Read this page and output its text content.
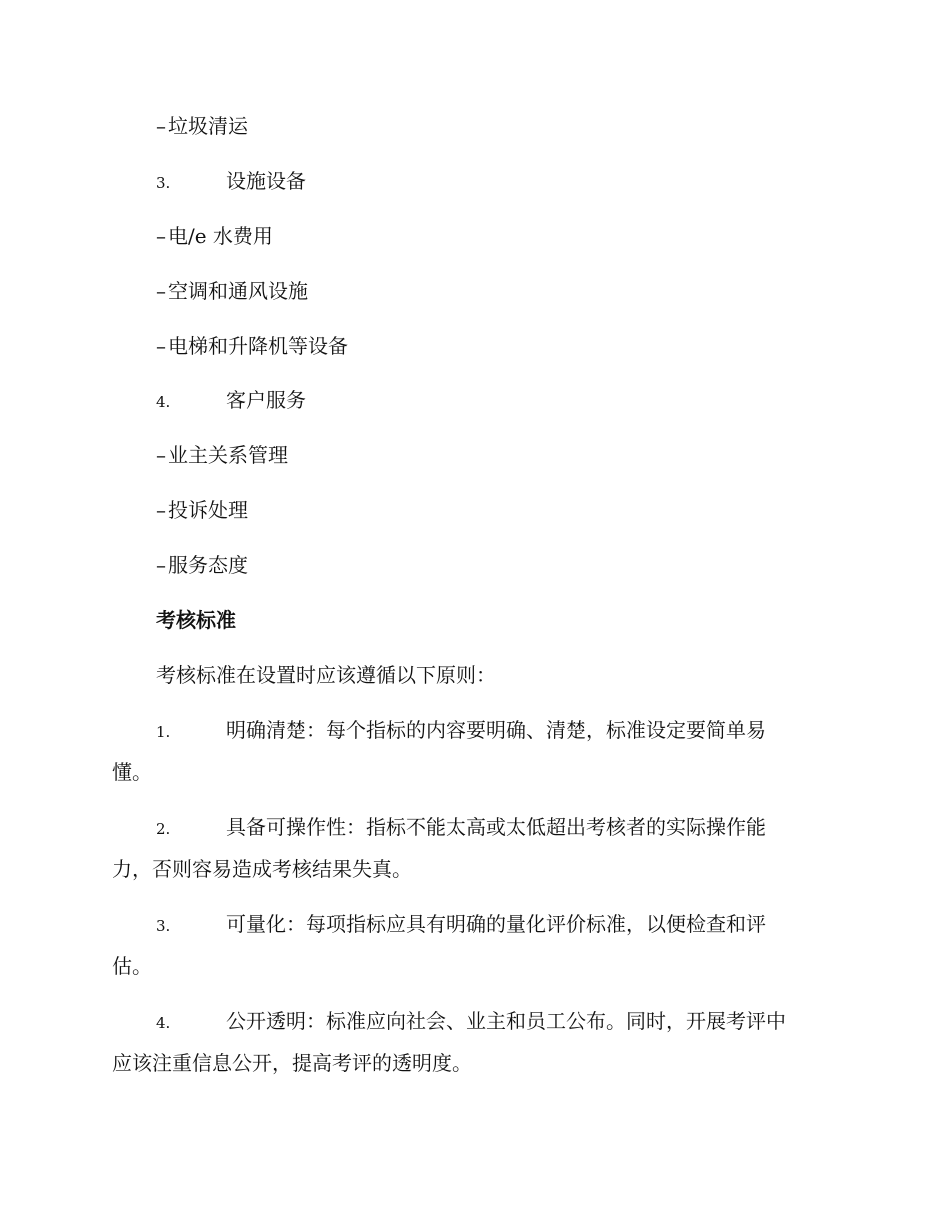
– 垃圾清运
3.	设施设备
– 电/e 水费用
– 空调和通风设施
– 电梯和升降机等设备
4.	客户服务
– 业主关系管理
– 投诉处理
– 服务态度
考核标准
考核标准在设置时应该遵循以下原则：
1.	明确清楚：每个指标的内容要明确、清楚，标准设定要简单易
懂。
2.	具备可操作性：指标不能太高或太低超出考核者的实际操作能
力，否则容易造成考核结果失真。
3.	可量化：每项指标应具有明确的量化评价标准，以便检查和评
估。
4.	公开透明：标准应向社会、业主和员工公布。同时，开展考评中
应该注重信息公开，提高考评的透明度。
